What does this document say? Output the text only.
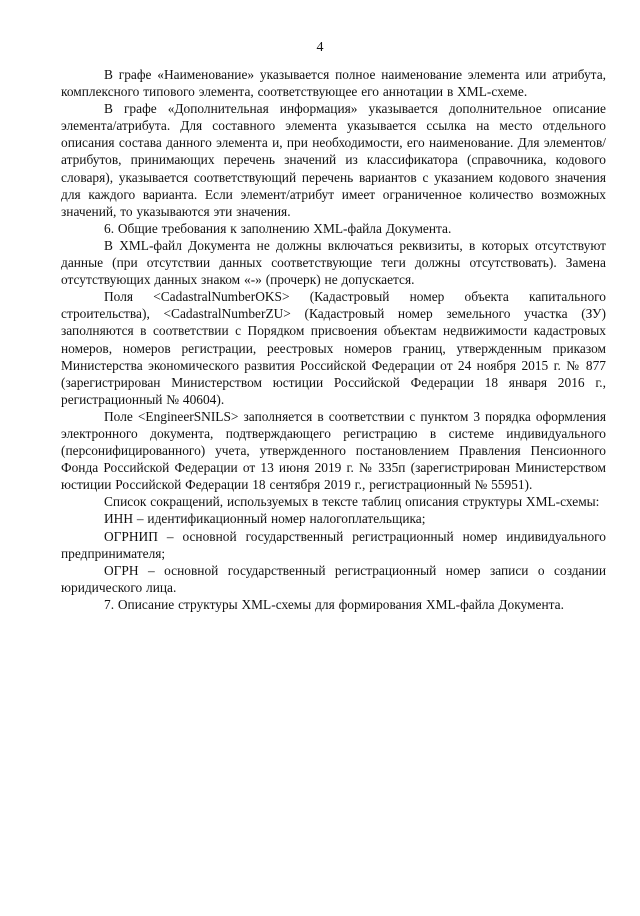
4

В графе «Наименование» указывается полное наименование элемента или атрибута, комплексного типового элемента, соответствующее его аннотации в XML-схеме.

В графе «Дополнительная информация» указывается дополнительное описание элемента/атрибута. Для составного элемента указывается ссылка на место отдельного описания состава данного элемента и, при необходимости, его наименование. Для элементов/атрибутов, принимающих перечень значений из классификатора (справочника, кодового словаря), указывается соответствующий перечень вариантов с указанием кодового значения для каждого варианта. Если элемент/атрибут имеет ограниченное количество возможных значений, то указываются эти значения.

6. Общие требования к заполнению XML-файла Документа.

В XML-файл Документа не должны включаться реквизиты, в которых отсутствуют данные (при отсутствии данных соответствующие теги должны отсутствовать). Замена отсутствующих данных знаком «-» (прочерк) не допускается.

Поля <CadastralNumberOKS> (Кадастровый номер объекта капитального строительства), <CadastralNumberZU> (Кадастровый номер земельного участка (ЗУ) заполняются в соответствии с Порядком присвоения объектам недвижимости кадастровых номеров, номеров регистрации, реестровых номеров границ, утвержденным приказом Министерства экономического развития Российской Федерации от 24 ноября 2015 г. № 877 (зарегистрирован Министерством юстиции Российской Федерации 18 января 2016 г., регистрационный № 40604).

Поле <EngineerSNILS> заполняется в соответствии с пунктом 3 порядка оформления электронного документа, подтверждающего регистрацию в системе индивидуального (персонифицированного) учета, утвержденного постановлением Правления Пенсионного Фонда Российской Федерации от 13 июня 2019 г. № 335п (зарегистрирован Министерством юстиции Российской Федерации 18 сентября 2019 г., регистрационный № 55951).

Список сокращений, используемых в тексте таблиц описания структуры XML-схемы:

ИНН – идентификационный номер налогоплательщика;

ОГРНИП – основной государственный регистрационный номер индивидуального предпринимателя;

ОГРН – основной государственный регистрационный номер записи о создании юридического лица.

7. Описание структуры XML-схемы для формирования XML-файла Документа.
